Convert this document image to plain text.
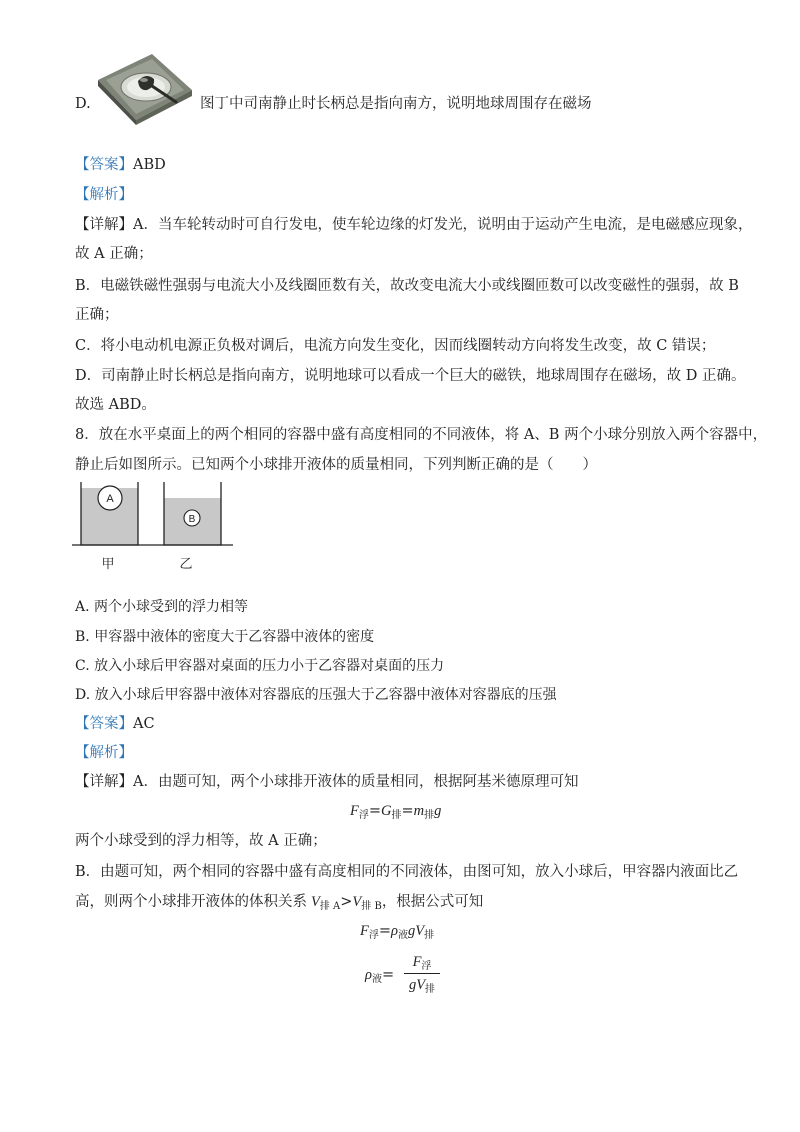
D.	图丁中司南静止时长柄总是指向南方，说明地球周围存在磁场
【答案】ABD
【解析】
【详解】A．当车轮转动时可自行发电，使车轮边缘的灯发光，说明由于运动产生电流，是电磁感应现象，
故 A 正确；
B．电磁铁磁性强弱与电流大小及线圈匝数有关，故改变电流大小或线圈匝数可以改变磁性的强弱，故 B
正确；
C．将小电动机电源正负极对调后，电流方向发生变化，因而线圈转动方向将发生改变，故 C 错误；
D．司南静止时长柄总是指向南方，说明地球可以看成一个巨大的磁铁，地球周围存在磁场，故 D 正确。
故选 ABD。
8．放在水平桌面上的两个相同的容器中盛有高度相同的不同液体，将 A、B 两个小球分别放入两个容器中，
静止后如图所示。已知两个小球排开液体的质量相同，下列判断正确的是（　　）
A
B
甲	乙
A. 两个小球受到的浮力相等
B. 甲容器中液体的密度大于乙容器中液体的密度
C. 放入小球后甲容器对桌面的压力小于乙容器对桌面的压力
D. 放入小球后甲容器中液体对容器底的压强大于乙容器中液体对容器底的压强
【答案】AC
【解析】
【详解】A．由题可知，两个小球排开液体的质量相同，根据阿基米德原理可知
$F_浮=G_排=m_排g$
两个小球受到的浮力相等，故 A 正确；
B．由题可知，两个相同的容器中盛有高度相同的不同液体，由图可知，放入小球后，甲容器内液面比乙
高，则两个小球排开液体的体积关系 $V_{排 A}>V_{排 B}$，根据公式可知
$F_浮=\rho_液gV_排$
$\rho_液=$
$F_浮$
$gV_排$
